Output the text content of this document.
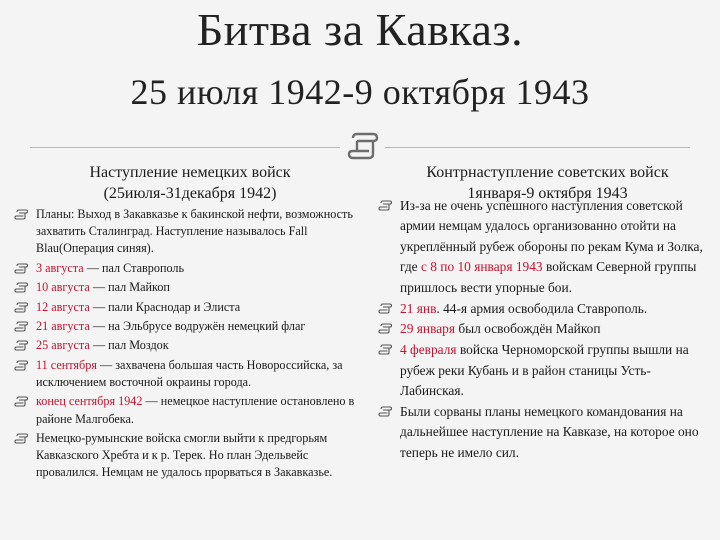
Битва за Кавказ.
25 июля 1942-9 октября 1943
Наступление немецких войск
(25июля-31декабря 1942)
Контрнаступление советских войск
1января-9 октября 1943
Планы: Выход в Закавказье к бакинской нефти, возможность захватить Сталинград. Наступление называлось Fall Blau(Операция синяя).
3 августа — пал Ставрополь
10 августа — пал Майкоп
12 августа — пали Краснодар и Элиста
21 августа — на Эльбрусе водружён немецкий флаг
25 августа — пал Моздок
11 сентября — захвачена большая часть Новороссийска, за исключением восточной окраины города.
конец сентября 1942 — немецкое наступление остановлено в районе Малгобека.
Немецко-румынские войска смогли выйти к предгорьям Кавказского Хребта и к р. Терек. Но план Эдельвейс провалился. Немцам не удалось прорваться в Закавказье.
Из-за не очень успешного наступления советской армии немцам удалось организованно отойти на укреплённый рубеж обороны по рекам Кума и Золка, где с 8 по 10 января 1943 войскам Северной группы пришлось вести упорные бои.
21 янв. 44-я армия освободила Ставрополь.
29 января был освобождён Майкоп
4 февраля войска Черноморской группы вышли на рубеж реки Кубань и в район станицы Усть-Лабинская.
Были сорваны планы немецкого командования на дальнейшее наступление на Кавказе, на которое оно теперь не имело сил.
